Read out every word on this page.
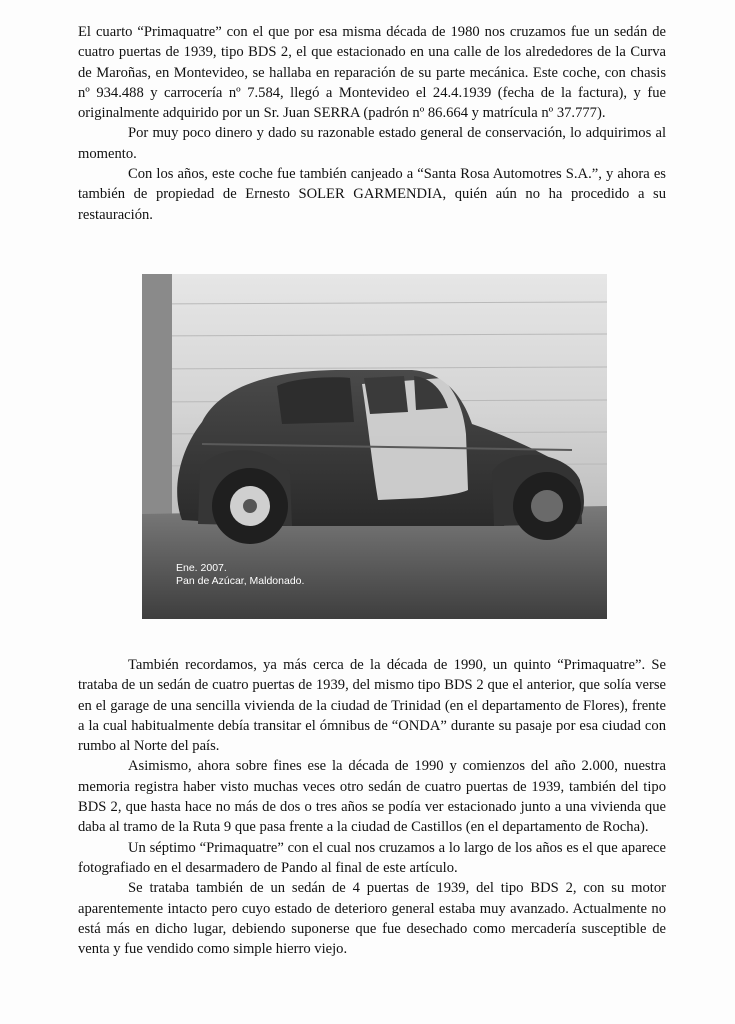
El cuarto “Primaquatre” con el que por esa misma década de 1980 nos cruzamos fue un sedán de cuatro puertas de 1939, tipo BDS 2, el que estacionado en una calle de los alrededores de la Curva de Maroñas, en Montevideo, se hallaba en reparación de su parte mecánica. Este coche, con chasis nº 934.488 y carrocería nº 7.584, llegó a Montevideo el 24.4.1939 (fecha de la factura), y fue originalmente adquirido por un Sr. Juan SERRA (padrón nº 86.664 y matrícula nº 37.777).

Por muy poco dinero y dado su razonable estado general de conservación, lo adquirimos al momento.

Con los años, este coche fue también canjeado a “Santa Rosa Automotres S.A.”, y ahora es también de propiedad de Ernesto SOLER GARMENDIA, quién aún no ha procedido a su restauración.

Ene. 2007.
Pan de Azúcar, Maldonado.

También recordamos, ya más cerca de la década de 1990, un quinto “Primaquatre”. Se trataba de un sedán de cuatro puertas de 1939, del mismo tipo BDS 2 que el anterior, que solía verse en el garage de una sencilla vivienda de la ciudad de Trinidad (en el departamento de Flores), frente a la cual habitualmente debía transitar el ómnibus de “ONDA” durante su pasaje por esa ciudad con rumbo al Norte del país.

Asimismo, ahora sobre fines ese la década de 1990 y comienzos del año 2.000, nuestra memoria registra haber visto muchas veces otro sedán de cuatro puertas de 1939, también del tipo BDS 2, que hasta hace no más de dos o tres años se podía ver estacionado junto a una vivienda que daba al tramo de la Ruta 9 que pasa frente a la ciudad de Castillos (en el departamento de Rocha).

Un séptimo “Primaquatre” con el cual nos cruzamos a lo largo de los años es el que aparece fotografiado en el desarmadero de Pando al final de este artículo.

Se trataba también de un sedán de 4 puertas de 1939, del tipo BDS 2, con su motor aparentemente intacto pero cuyo estado de deterioro general estaba muy avanzado. Actualmente no está más en dicho lugar, debiendo suponerse que fue desechado como mercadería susceptible de venta y fue vendido como simple hierro viejo.
